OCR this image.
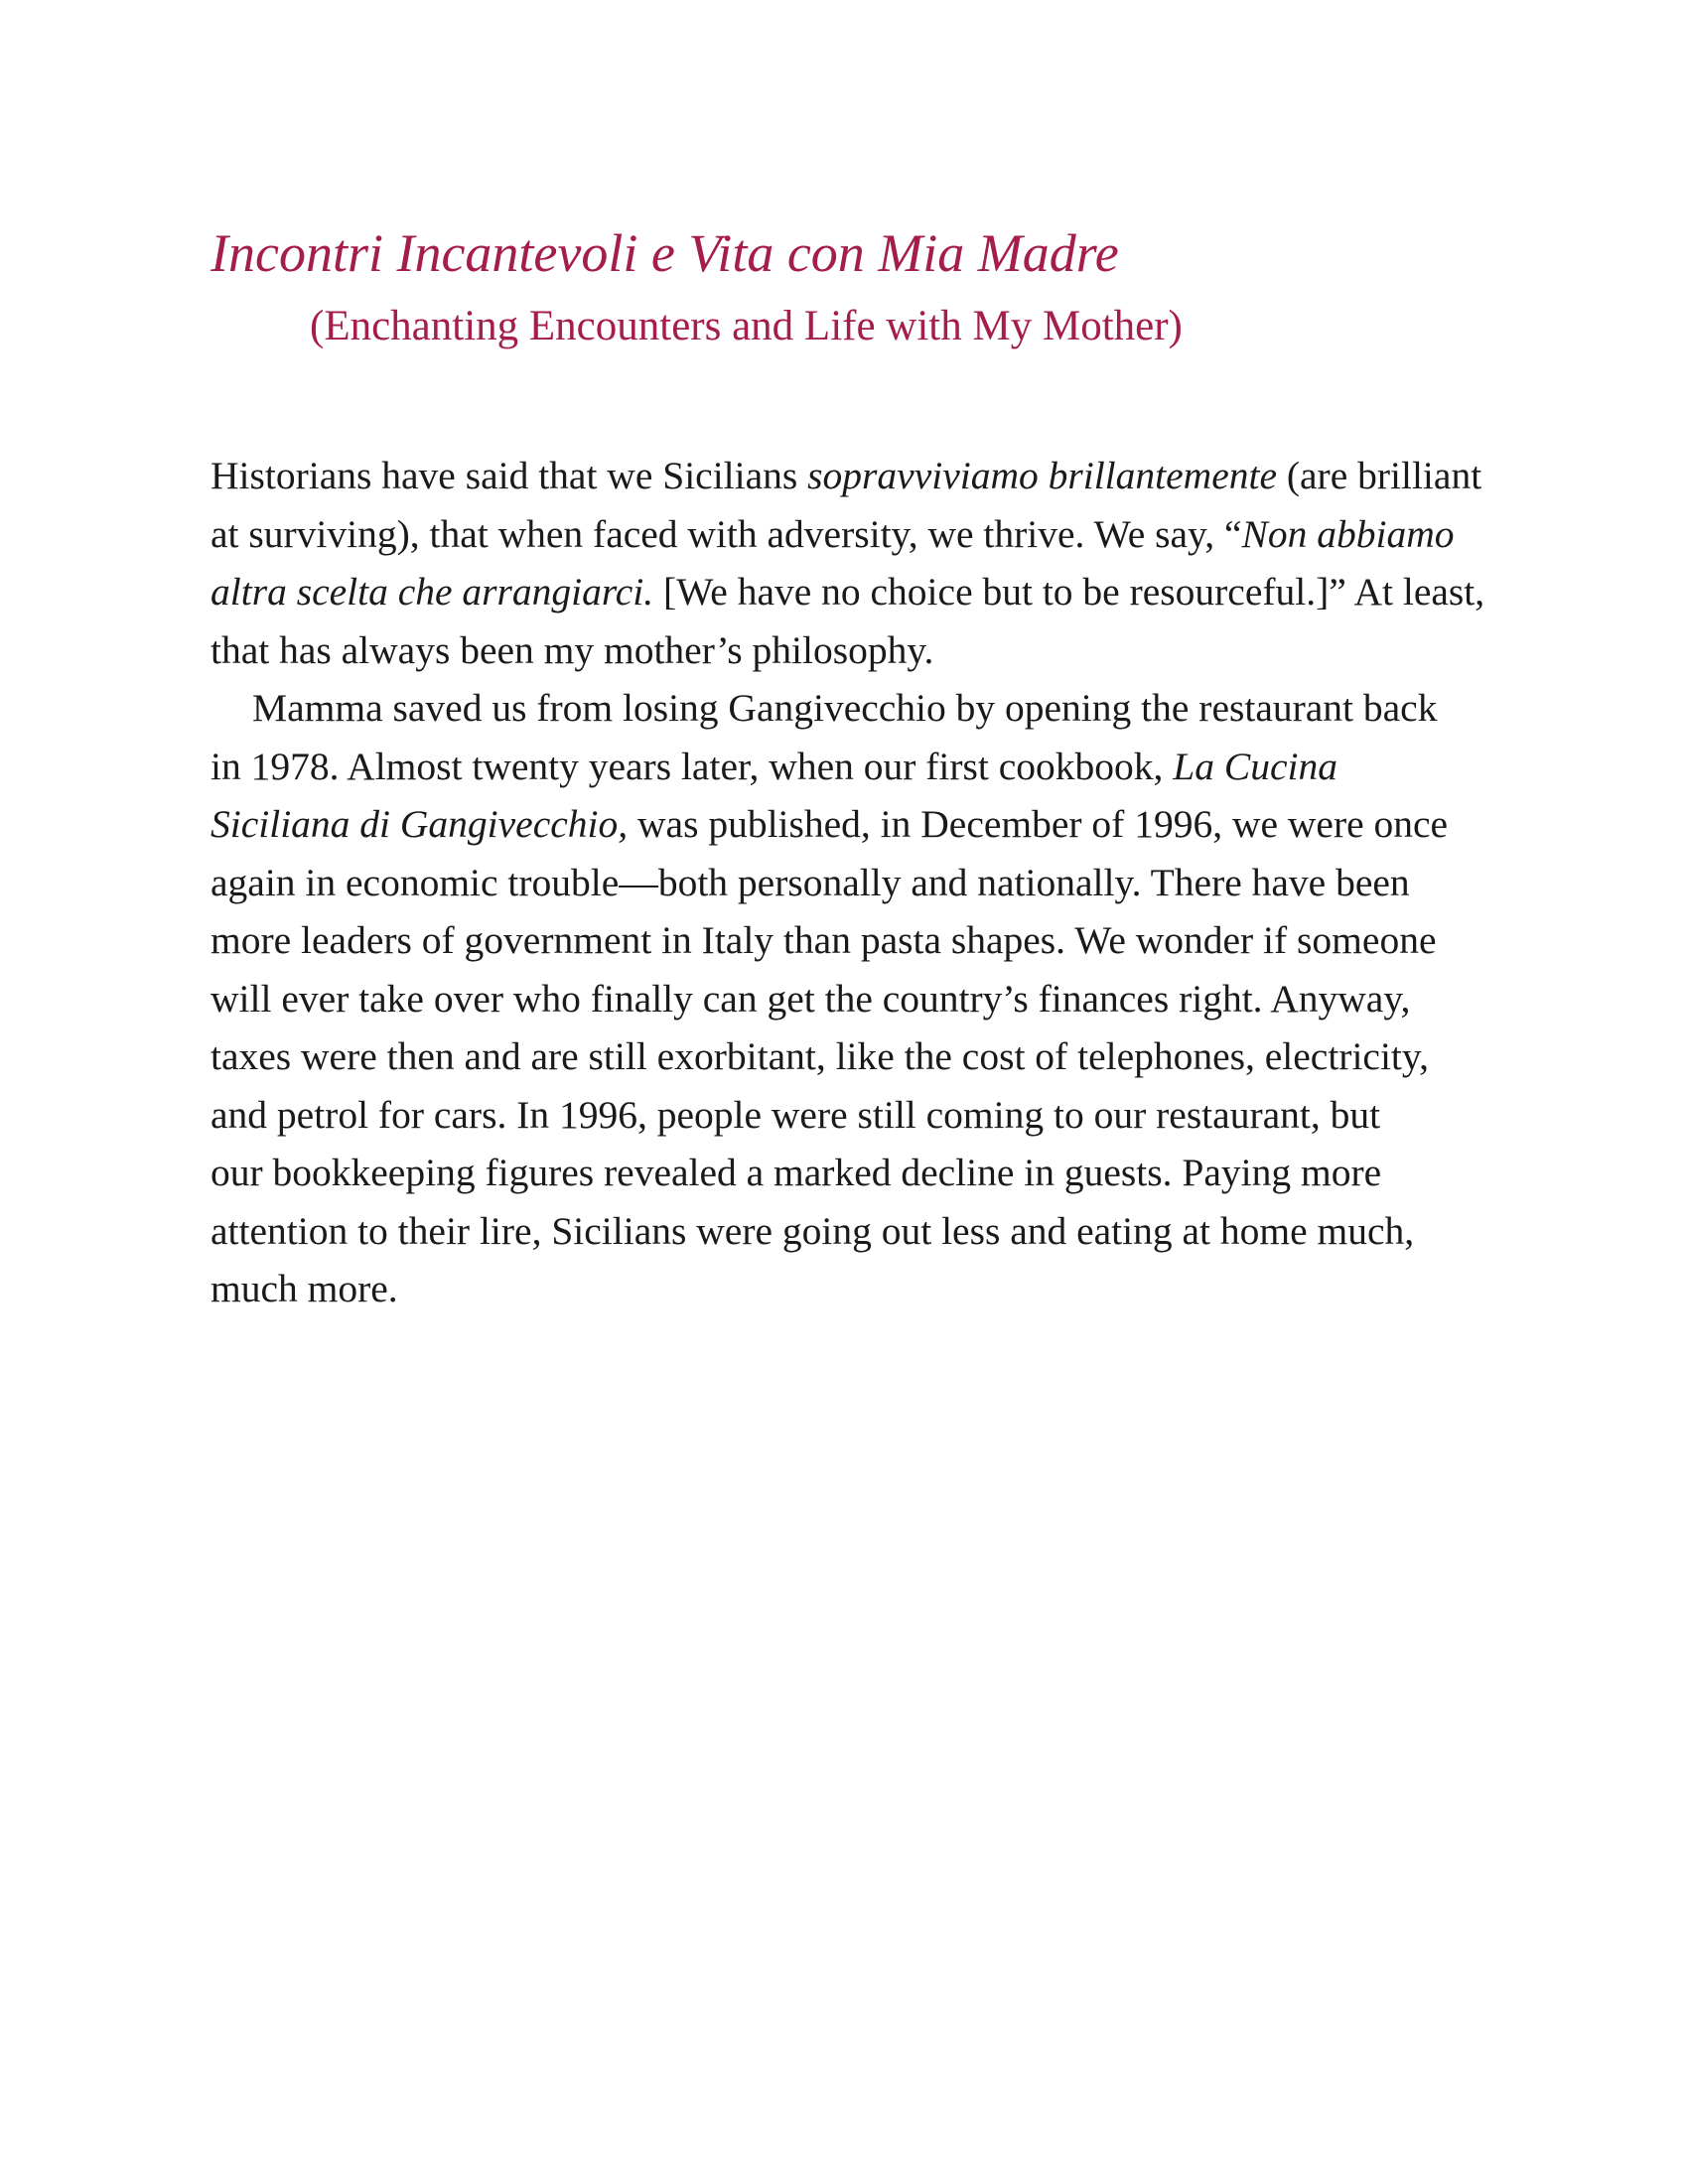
Incontri Incantevoli e Vita con Mia Madre
(Enchanting Encounters and Life with My Mother)

Historians have said that we Sicilians sopravviviamo brillantemente (are brilliant
at surviving), that when faced with adversity, we thrive. We say, “Non abbiamo
altra scelta che arrangiarci. [We have no choice but to be resourceful.]” At least,
that has always been my mother’s philosophy.

Mamma saved us from losing Gangivecchio by opening the restaurant back
in 1978. Almost twenty years later, when our first cookbook, La Cucina
Siciliana di Gangivecchio, was published, in December of 1996, we were once
again in economic trouble—both personally and nationally. There have been
more leaders of government in Italy than pasta shapes. We wonder if someone
will ever take over who finally can get the country’s finances right. Anyway,
taxes were then and are still exorbitant, like the cost of telephones, electricity,
and petrol for cars. In 1996, people were still coming to our restaurant, but
our bookkeeping figures revealed a marked decline in guests. Paying more
attention to their lire, Sicilians were going out less and eating at home much,
much more.
